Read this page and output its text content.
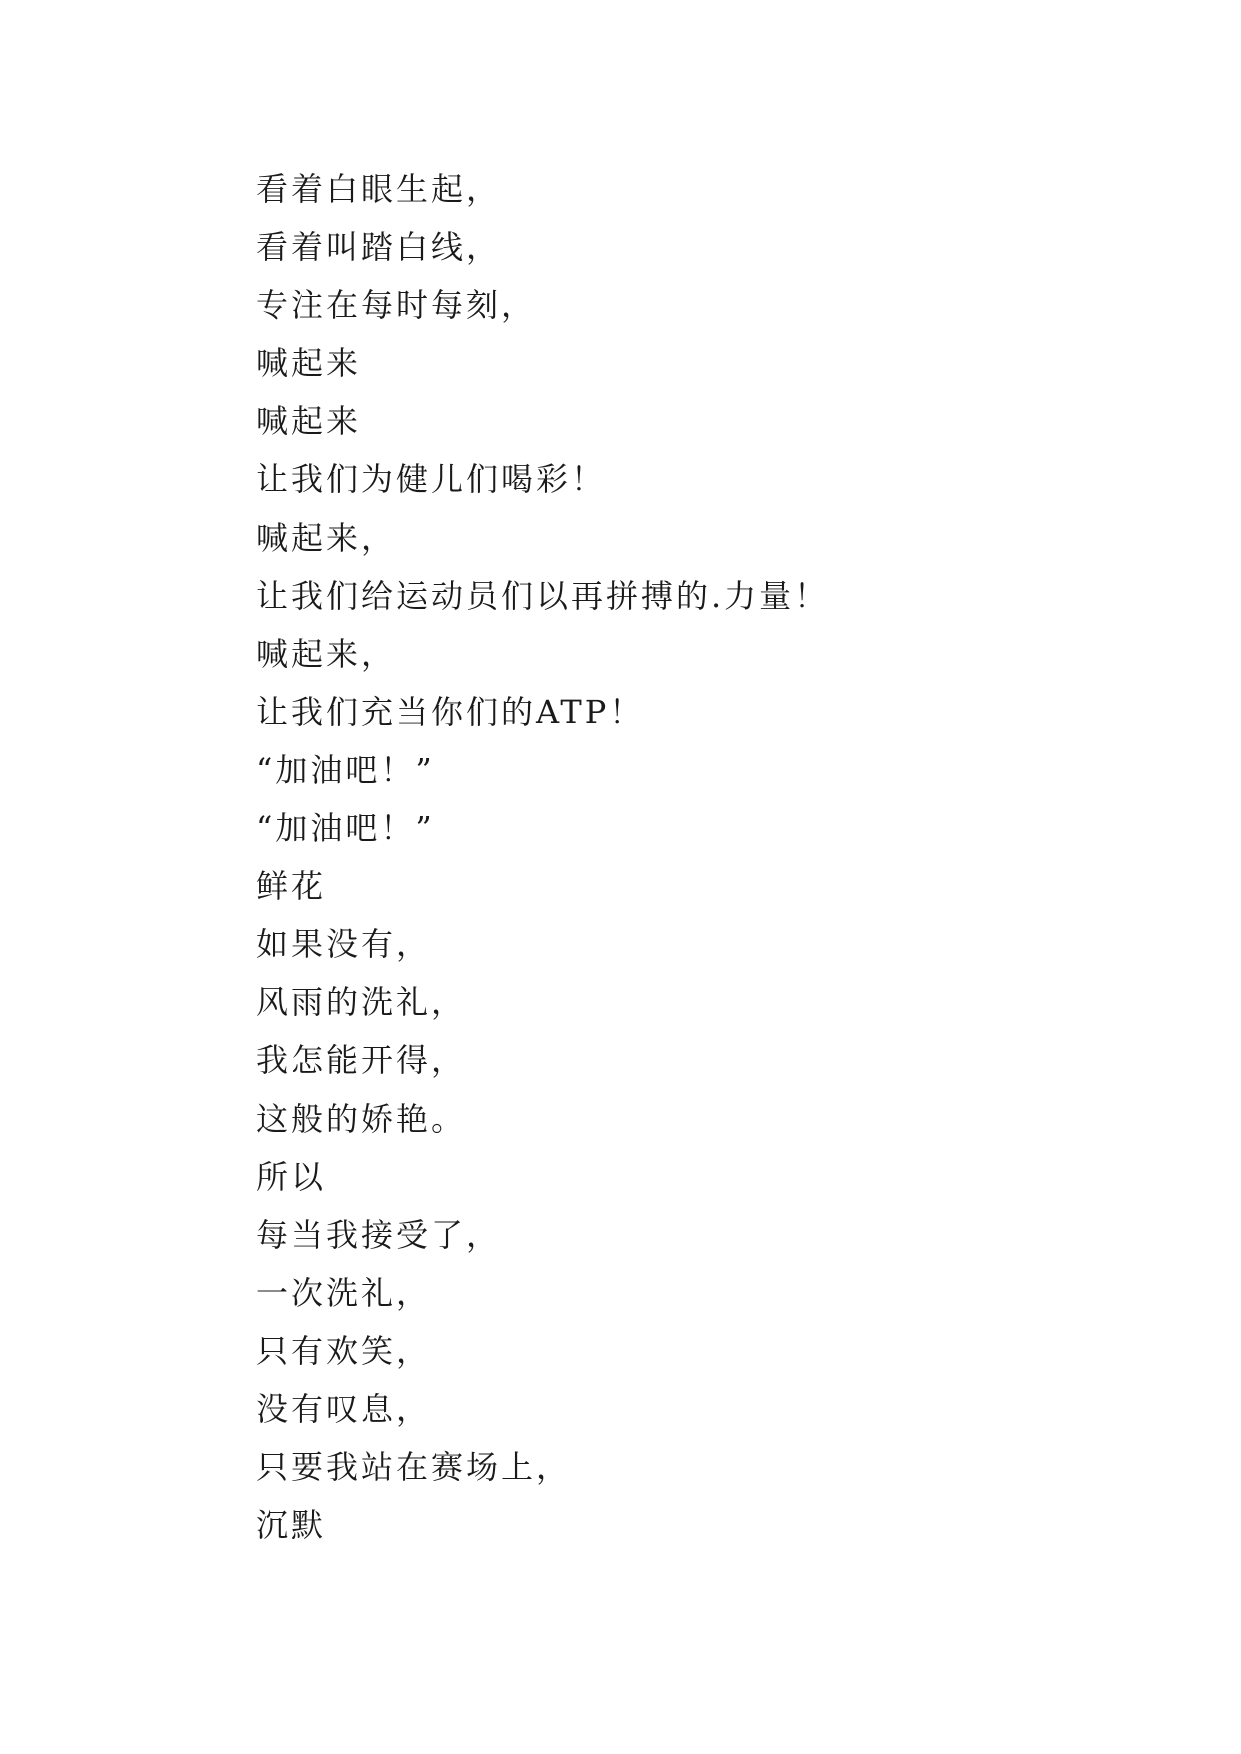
看着白眼生起，
看着叫踏白线，
专注在每时每刻，
喊起来
喊起来
让我们为健儿们喝彩！
喊起来，
让我们给运动员们以再拼搏的.力量！
喊起来，
让我们充当你们的ATP！
“加油吧！”
“加油吧！”
鲜花
如果没有，
风雨的洗礼，
我怎能开得，
这般的娇艳。
所以
每当我接受了，
一次洗礼，
只有欢笑，
没有叹息，
只要我站在赛场上，
沉默
